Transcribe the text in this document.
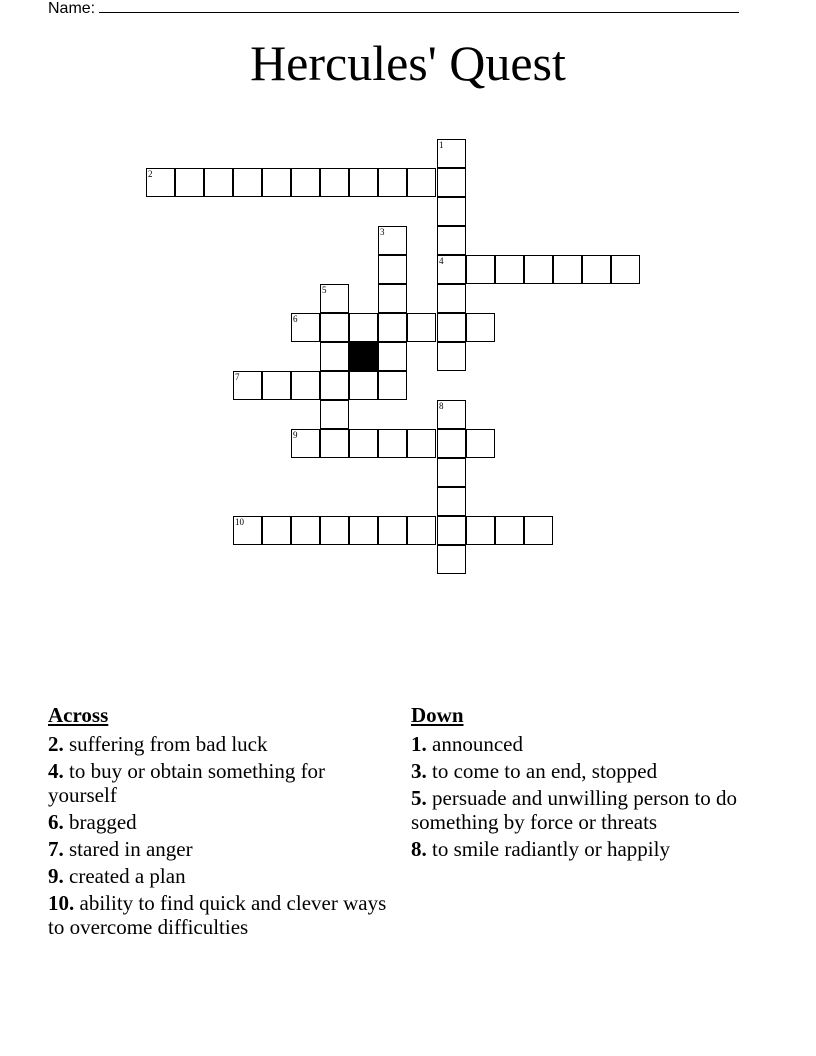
Name:
Hercules' Quest
1
2
3
4
5
6
7
8
9
10
Across
2. suffering from bad luck
4. to buy or obtain something for yourself
6. bragged
7. stared in anger
9. created a plan
10. ability to find quick and clever ways to overcome difficulties
Down
1. announced
3. to come to an end, stopped
5. persuade and unwilling person to do something by force or threats
8. to smile radiantly or happily
